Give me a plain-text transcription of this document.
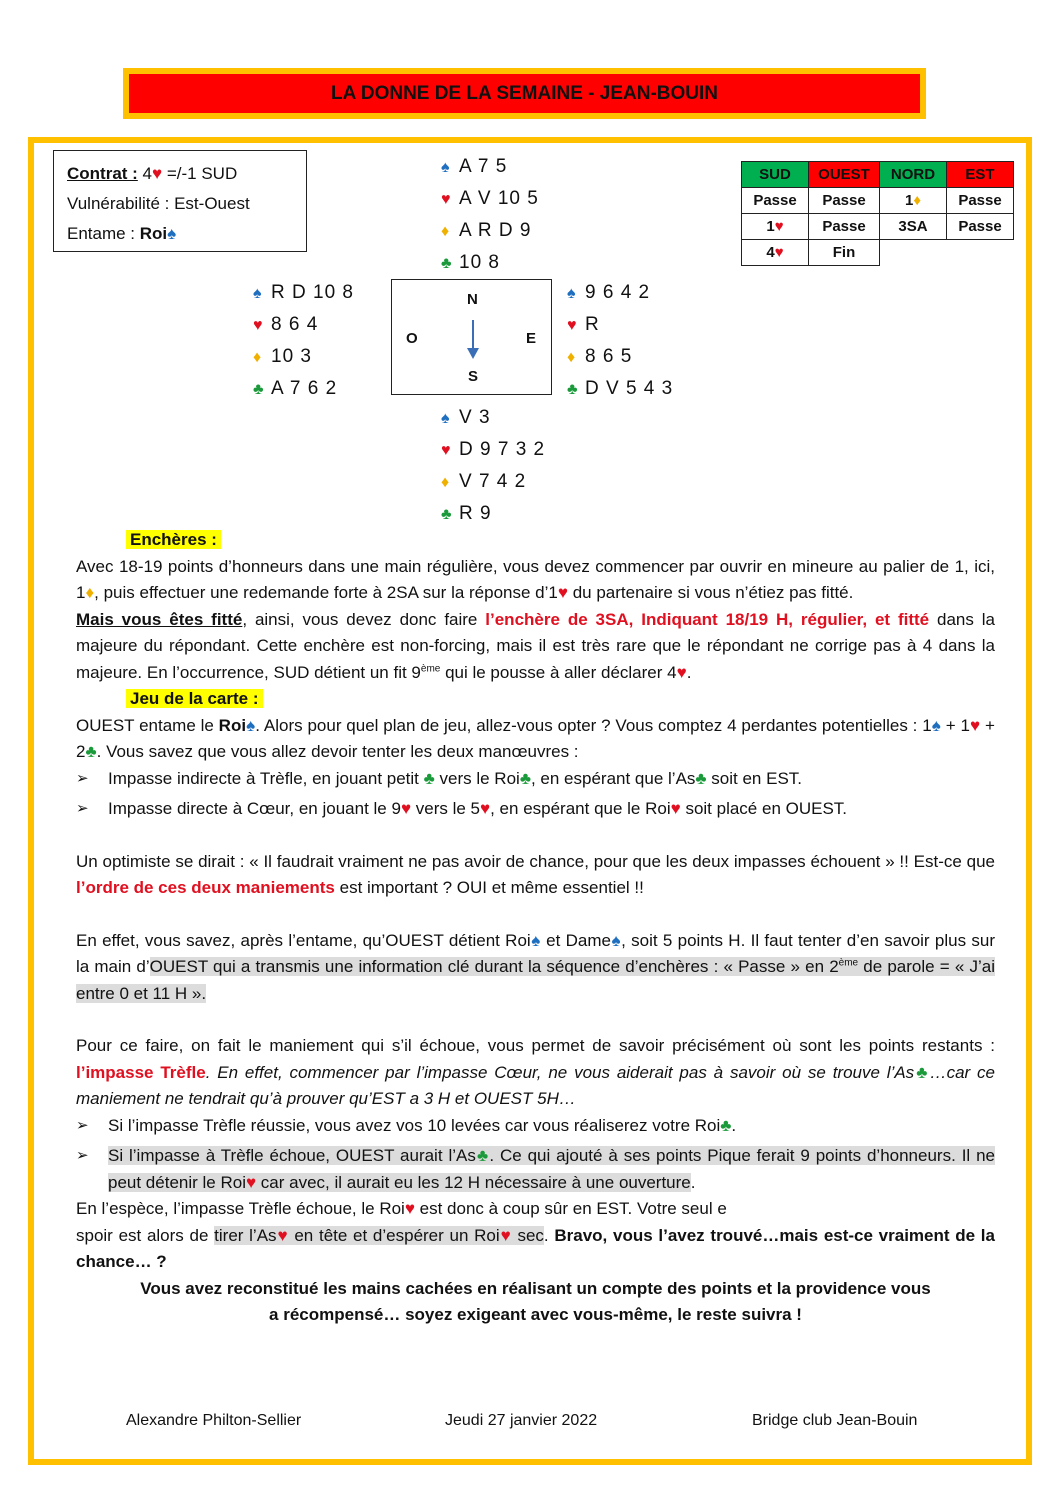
LA DONNE DE LA SEMAINE - JEAN-BOUIN
Contrat : 4♥ =/-1 SUD
Vulnérabilité : Est-Ouest
Entame : Roi♠
♠ A 7 5
♥ A V 10 5
♦ A R D 9
♣ 10 8
♠ R D 10 8
♥ 8 6 4
♦ 10 3
♣ A 7 6 2
N
O	E
S
♠ 9 6 4 2
♥ R
♦ 8 6 5
♣ D V 5 4 3
♠ V 3
♥ D 9 7 3 2
♦ V 7 4 2
♣ R 9
SUD	OUEST	NORD	EST
Passe	Passe	1♦	Passe
1♥	Passe	3SA	Passe
4♥	Fin		

Enchères :

Avec 18-19 points d’honneurs dans une main régulière, vous devez commencer par ouvrir en mineure au palier de 1, ici, 1♦, puis effectuer une redemande forte à 2SA sur la réponse d’1♥ du partenaire si vous n’étiez pas fitté.

Mais vous êtes fitté, ainsi, vous devez donc faire l’enchère de 3SA, Indiquant 18/19 H, régulier, et fitté dans la majeure du répondant. Cette enchère est non-forcing, mais il est très rare que le répondant ne corrige pas à 4 dans la majeure. En l’occurrence, SUD détient un fit 9ème qui le pousse à aller déclarer 4♥.

Jeu de la carte :

OUEST entame le Roi♠. Alors pour quel plan de jeu, allez-vous opter ? Vous comptez 4 perdantes potentielles : 1♠ + 1♥ + 2♣. Vous savez que vous allez devoir tenter les deux manœuvres :

➢ Impasse indirecte à Trèfle, en jouant petit ♣ vers le Roi♣, en espérant que l’As♣ soit en EST.

➢ Impasse directe à Cœur, en jouant le 9♥ vers le 5♥, en espérant que le Roi♥ soit placé en OUEST.

Un optimiste se dirait : « Il faudrait vraiment ne pas avoir de chance, pour que les deux impasses échouent » !! Est-ce que l’ordre de ces deux maniements est important ? OUI et même essentiel !!

En effet, vous savez, après l’entame, qu’OUEST détient Roi♠ et Dame♠, soit 5 points H. Il faut tenter d’en savoir plus sur la main d’OUEST qui a transmis une information clé durant la séquence d’enchères : « Passe » en 2ème de parole = « J’ai entre 0 et 11 H ».

Pour ce faire, on fait le maniement qui s’il échoue, vous permet de savoir précisément où sont les points restants : l’impasse Trèfle. En effet, commencer par l’impasse Cœur, ne vous aiderait pas à savoir où se trouve l’As♣…car ce maniement ne tendrait qu’à prouver qu’EST a 3 H et OUEST 5H…

➢ Si l’impasse Trèfle réussie, vous avez vos 10 levées car vous réaliserez votre Roi♣.

➢ Si l’impasse à Trèfle échoue, OUEST aurait l’As♣. Ce qui ajouté à ses points Pique ferait 9 points d’honneurs. Il ne peut détenir le Roi♥ car avec, il aurait eu les 12 H nécessaire à une ouverture.

En l’espèce, l’impasse Trèfle échoue, le Roi♥ est donc à coup sûr en EST. Votre seul e

spoir est alors de tirer l’As♥ en tête et d’espérer un Roi♥ sec. Bravo, vous l’avez trouvé…mais est-ce vraiment de la chance… ?

Vous avez reconstitué les mains cachées en réalisant un compte des points et la providence vous

a récompensé… soyez exigeant avec vous-même, le reste suivra !

Alexandre Philton-Sellier	Jeudi 27 janvier 2022	Bridge club Jean-Bouin
